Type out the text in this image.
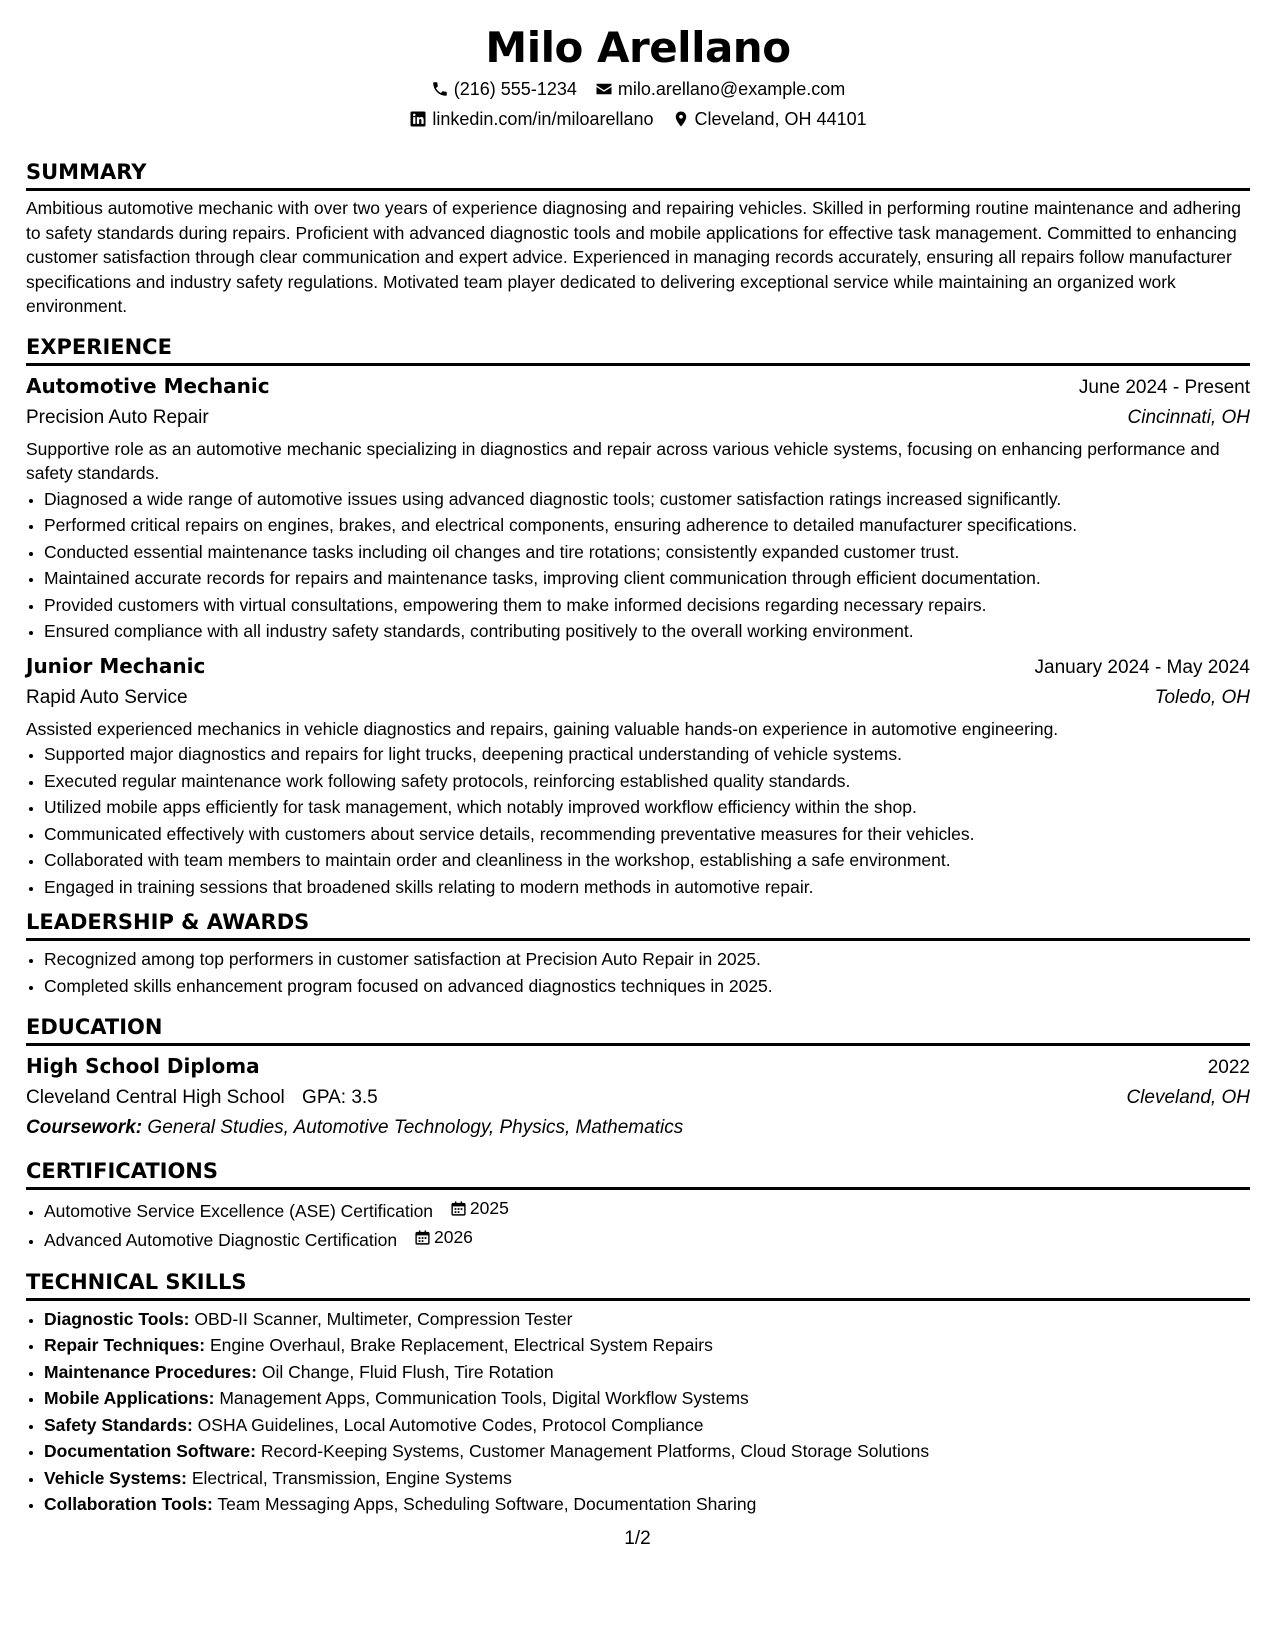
Milo Arellano
(216) 555-1234 milo.arellano@example.com
linkedin.com/in/miloarellano Cleveland, OH 44101
SUMMARY

Ambitious automotive mechanic with over two years of experience diagnosing and repairing vehicles. Skilled in performing routine maintenance and adhering to safety standards during repairs. Proficient with advanced diagnostic tools and mobile applications for effective task management. Committed to enhancing customer satisfaction through clear communication and expert advice. Experienced in managing records accurately, ensuring all repairs follow manufacturer specifications and industry safety regulations. Motivated team player dedicated to delivering exceptional service while maintaining an organized work environment.

EXPERIENCE
Automotive Mechanic	June 2024 - Present
Precision Auto Repair	Cincinnati, OH

Supportive role as an automotive mechanic specializing in diagnostics and repair across various vehicle systems, focusing on enhancing performance and safety standards.

• Diagnosed a wide range of automotive issues using advanced diagnostic tools; customer satisfaction ratings increased significantly.
• Performed critical repairs on engines, brakes, and electrical components, ensuring adherence to detailed manufacturer specifications.
• Conducted essential maintenance tasks including oil changes and tire rotations; consistently expanded customer trust.
• Maintained accurate records for repairs and maintenance tasks, improving client communication through efficient documentation.
• Provided customers with virtual consultations, empowering them to make informed decisions regarding necessary repairs.
• Ensured compliance with all industry safety standards, contributing positively to the overall working environment.
Junior Mechanic	January 2024 - May 2024
Rapid Auto Service	Toledo, OH

Assisted experienced mechanics in vehicle diagnostics and repairs, gaining valuable hands-on experience in automotive engineering.

• Supported major diagnostics and repairs for light trucks, deepening practical understanding of vehicle systems.
• Executed regular maintenance work following safety protocols, reinforcing established quality standards.
• Utilized mobile apps efficiently for task management, which notably improved workflow efficiency within the shop.
• Communicated effectively with customers about service details, recommending preventative measures for their vehicles.
• Collaborated with team members to maintain order and cleanliness in the workshop, establishing a safe environment.
• Engaged in training sessions that broadened skills relating to modern methods in automotive repair.
LEADERSHIP & AWARDS
• Recognized among top performers in customer satisfaction at Precision Auto Repair in 2025.
• Completed skills enhancement program focused on advanced diagnostics techniques in 2025.
EDUCATION
High School Diploma	2022
Cleveland Central High School GPA: 3.5	Cleveland, OH
Coursework: General Studies, Automotive Technology, Physics, Mathematics
CERTIFICATIONS
• Automotive Service Excellence (ASE) Certification 2025
• Advanced Automotive Diagnostic Certification 2026
TECHNICAL SKILLS
• Diagnostic Tools: OBD-II Scanner, Multimeter, Compression Tester
• Repair Techniques: Engine Overhaul, Brake Replacement, Electrical System Repairs
• Maintenance Procedures: Oil Change, Fluid Flush, Tire Rotation
• Mobile Applications: Management Apps, Communication Tools, Digital Workflow Systems
• Safety Standards: OSHA Guidelines, Local Automotive Codes, Protocol Compliance
• Documentation Software: Record-Keeping Systems, Customer Management Platforms, Cloud Storage Solutions
• Vehicle Systems: Electrical, Transmission, Engine Systems
• Collaboration Tools: Team Messaging Apps, Scheduling Software, Documentation Sharing
1/2
